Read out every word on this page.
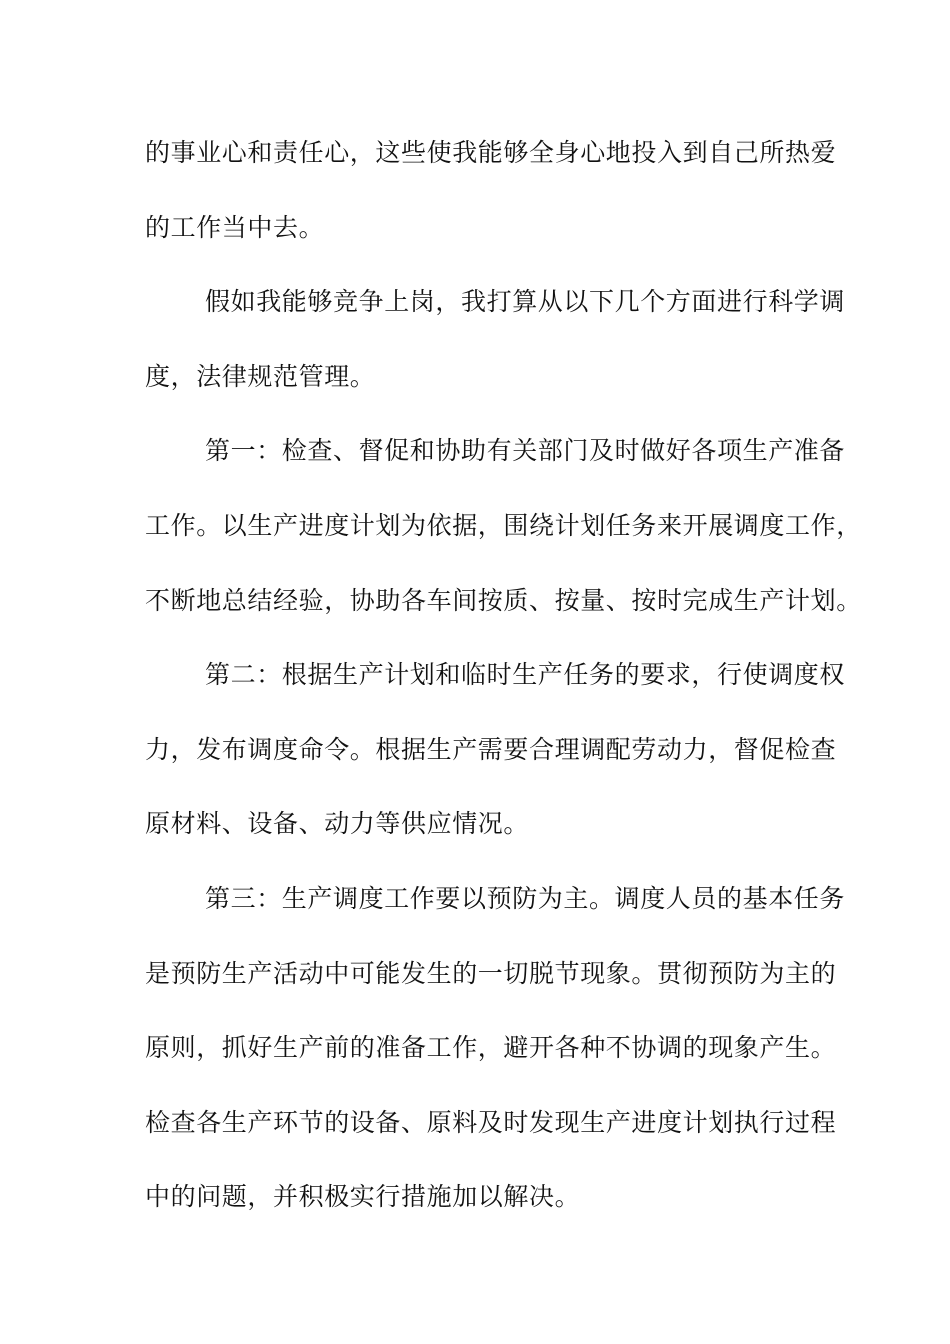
的事业心和责任心，这些使我能够全身心地投入到自己所热爱
的工作当中去。
假如我能够竞争上岗，我打算从以下几个方面进行科学调
度，法律规范管理。
第一：检查、督促和协助有关部门及时做好各项生产准备
工作。以生产进度计划为依据，围绕计划任务来开展调度工作，
不断地总结经验，协助各车间按质、按量、按时完成生产计划。
第二：根据生产计划和临时生产任务的要求，行使调度权
力，发布调度命令。根据生产需要合理调配劳动力，督促检查
原材料、设备、动力等供应情况。
第三：生产调度工作要以预防为主。调度人员的基本任务
是预防生产活动中可能发生的一切脱节现象。贯彻预防为主的
原则，抓好生产前的准备工作，避开各种不协调的现象产生。
检查各生产环节的设备、原料及时发现生产进度计划执行过程
中的问题，并积极实行措施加以解决。
